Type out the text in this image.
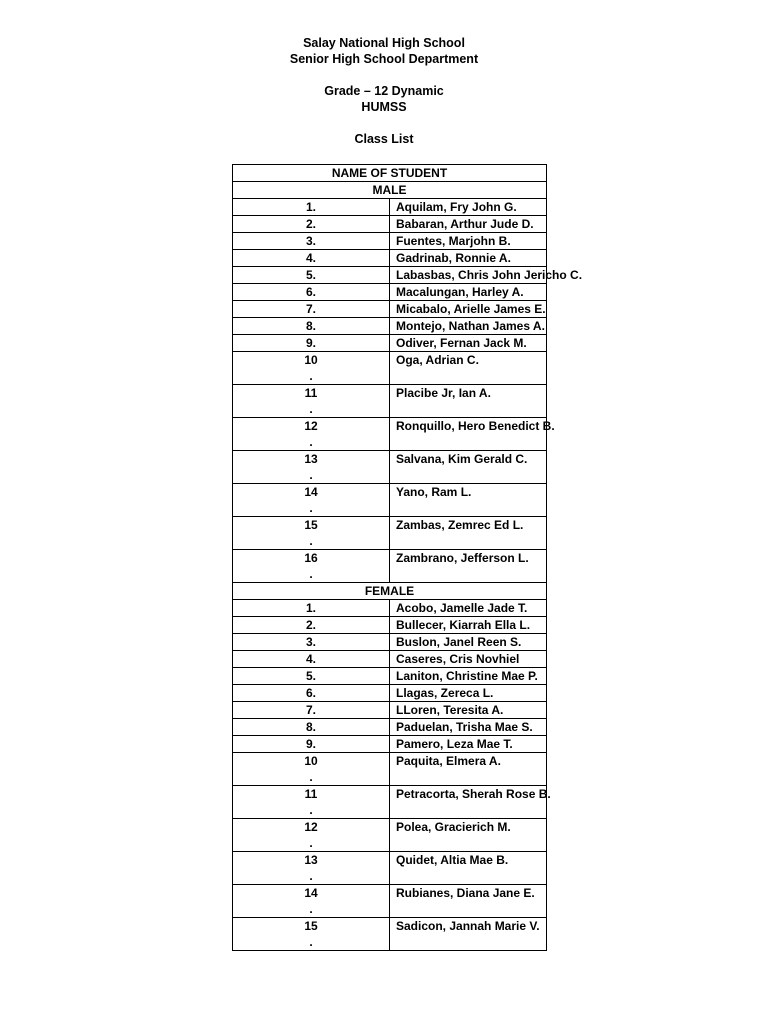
Salay National High School
Senior High School Department
Grade – 12 Dynamic
HUMSS
Class List
NAME OF STUDENT	
MALE	

1.	Aquilam, Fry John G.

2.	Babaran, Arthur Jude D.

3.	Fuentes, Marjohn B.

4.	Gadrinab, Ronnie A.

5.	Labasbas, Chris John Jericho C.

6.	Macalungan, Harley A.

7.	Micabalo, Arielle James E.

8.	Montejo, Nathan James A.

9.	Odiver, Fernan Jack M.

10
.	Oga, Adrian C.

11
.	Placibe Jr, Ian A.

12
.	Ronquillo, Hero Benedict B.

13
.	Salvana, Kim Gerald C.

14
.	Yano, Ram L.

15
.	Zambas, Zemrec Ed L.

16
.	Zambrano, Jefferson L.
FEMALE	

1.	Acobo, Jamelle Jade T.

2.	Bullecer, Kiarrah Ella L.

3.	Buslon, Janel Reen S.

4.	Caseres, Cris Novhiel

5.	Laniton, Christine Mae P.

6.	Llagas, Zereca L.

7.	LLoren, Teresita A.

8.	Paduelan, Trisha Mae S.

9.	Pamero, Leza Mae T.

10
.	Paquita, Elmera A.

11
.	Petracorta, Sherah Rose B.

12
.	Polea, Gracierich M.

13
.	Quidet, Altia Mae B.

14
.	Rubianes, Diana Jane E.

15
.	Sadicon, Jannah Marie V.
